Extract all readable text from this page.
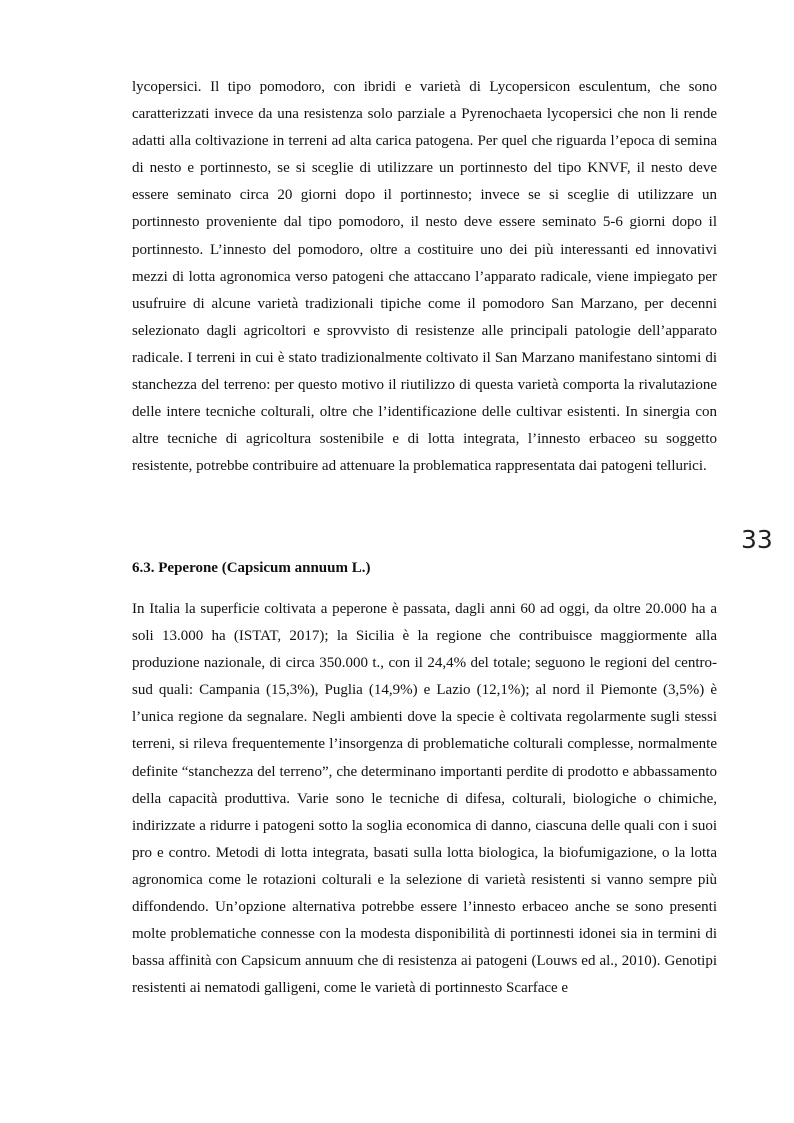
lycopersici. Il tipo pomodoro, con ibridi e varietà di Lycopersicon esculentum, che sono caratterizzati invece da una resistenza solo parziale a Pyrenochaeta lycopersici che non li rende adatti alla coltivazione in terreni ad alta carica patogena. Per quel che riguarda l’epoca di semina di nesto e portinnesto, se si sceglie di utilizzare un portinnesto del tipo KNVF, il nesto deve essere seminato circa 20 giorni dopo il portinnesto; invece se si sceglie di utilizzare un portinnesto proveniente dal tipo pomodoro, il nesto deve essere seminato 5-6 giorni dopo il portinnesto. L’innesto del pomodoro, oltre a costituire uno dei più interessanti ed innovativi mezzi di lotta agronomica verso patogeni che attaccano l’apparato radicale, viene impiegato per usufruire di alcune varietà tradizionali tipiche come il pomodoro San Marzano, per decenni selezionato dagli agricoltori e sprovvisto di resistenze alle principali patologie dell’apparato radicale. I terreni in cui è stato tradizionalmente coltivato il San Marzano manifestano sintomi di stanchezza del terreno: per questo motivo il riutilizzo di questa varietà comporta la rivalutazione delle intere tecniche colturali, oltre che l’identificazione delle cultivar esistenti. In sinergia con altre tecniche di agricoltura sostenibile e di lotta integrata, l’innesto erbaceo su soggetto resistente, potrebbe contribuire ad attenuare la problematica rappresentata dai patogeni tellurici.

33
6.3. Peperone (Capsicum annuum L.)

In Italia la superficie coltivata a peperone è passata, dagli anni 60 ad oggi, da oltre 20.000 ha a soli 13.000 ha (ISTAT, 2017); la Sicilia è la regione che contribuisce maggiormente alla produzione nazionale, di circa 350.000 t., con il 24,4% del totale; seguono le regioni del centro-sud quali: Campania (15,3%), Puglia (14,9%) e Lazio (12,1%); al nord il Piemonte (3,5%) è l’unica regione da segnalare. Negli ambienti dove la specie è coltivata regolarmente sugli stessi terreni, si rileva frequentemente l’insorgenza di problematiche colturali complesse, normalmente definite “stanchezza del terreno”, che determinano importanti perdite di prodotto e abbassamento della capacità produttiva. Varie sono le tecniche di difesa, colturali, biologiche o chimiche, indirizzate a ridurre i patogeni sotto la soglia economica di danno, ciascuna delle quali con i suoi pro e contro. Metodi di lotta integrata, basati sulla lotta biologica, la biofumigazione, o la lotta agronomica come le rotazioni colturali e la selezione di varietà resistenti si vanno sempre più diffondendo. Un’opzione alternativa potrebbe essere l’innesto erbaceo anche se sono presenti molte problematiche connesse con la modesta disponibilità di portinnesti idonei sia in termini di bassa affinità con Capsicum annuum che di resistenza ai patogeni (Louws ed al., 2010). Genotipi resistenti ai nematodi galligeni, come le varietà di portinnesto Scarface e
